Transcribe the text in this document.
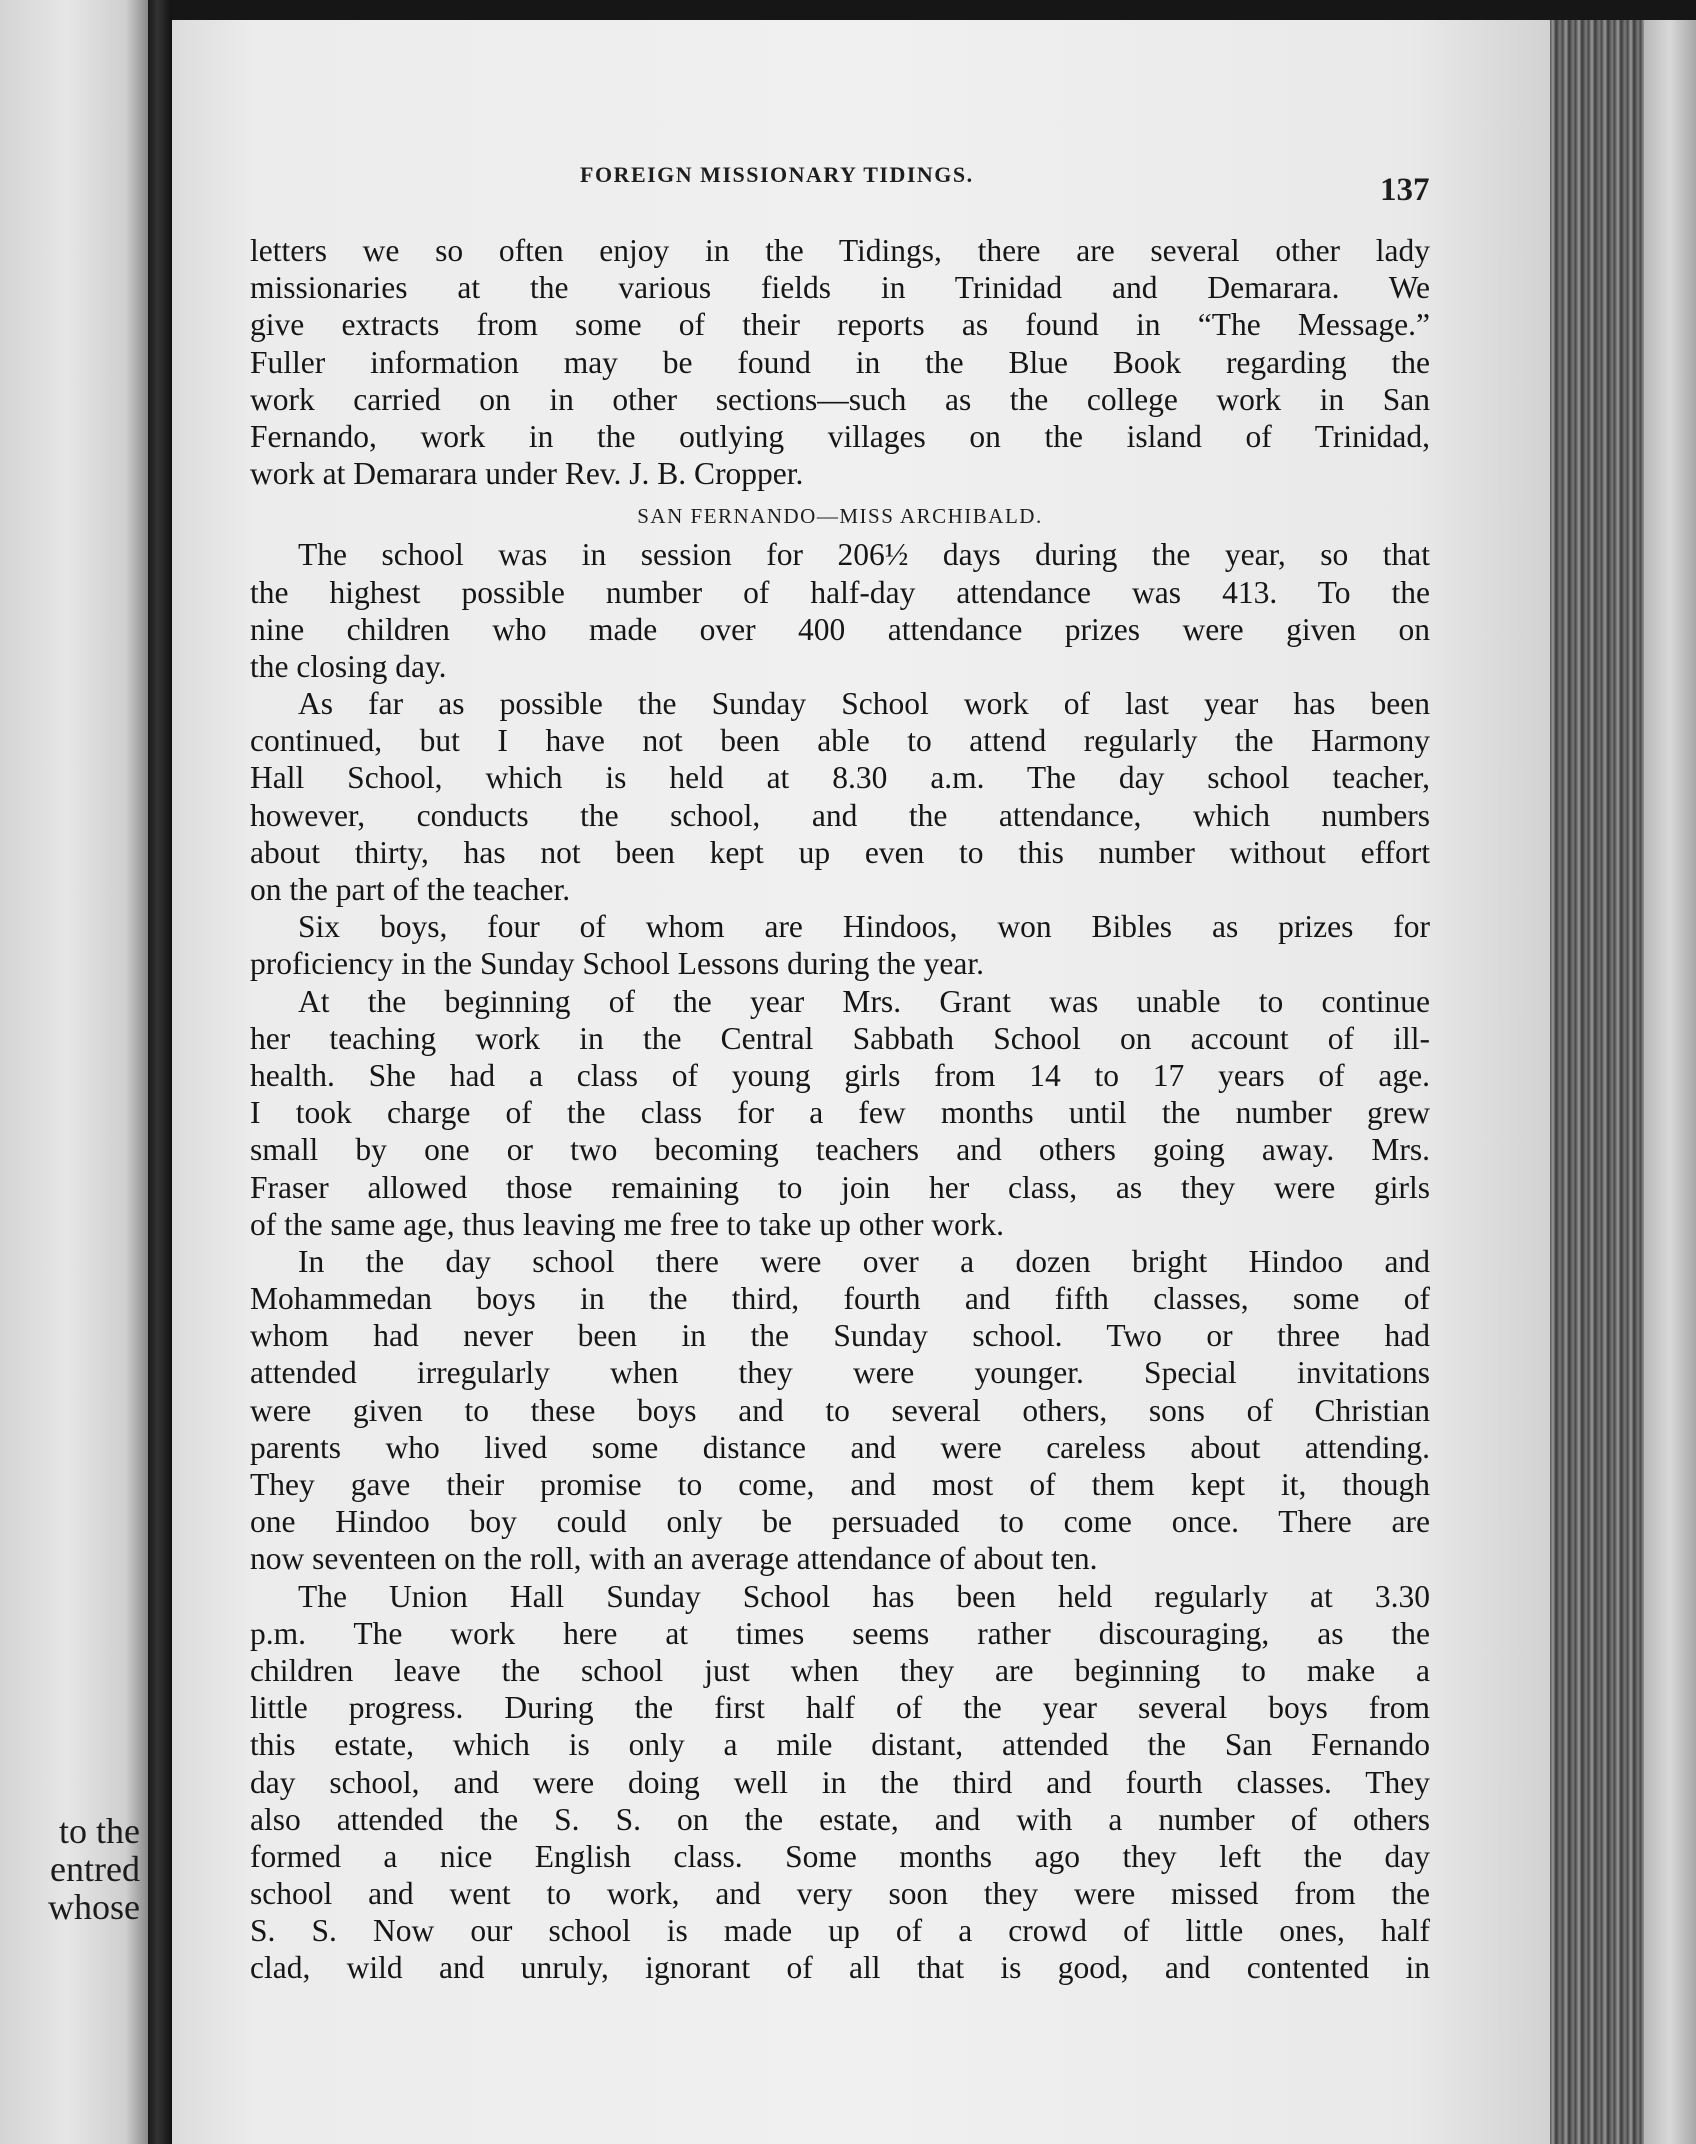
to the
entred
whose
FOREIGN MISSIONARY TIDINGS.	137
letters we so often enjoy in the Tidings, there are several other lady
missionaries at the various fields in Trinidad and Demarara. We
give extracts from some of their reports as found in “The Message.”
Fuller information may be found in the Blue Book regarding the
work carried on in other sections—such as the college work in San
Fernando, work in the outlying villages on the island of Trinidad,
work at Demarara under Rev. J. B. Cropper.
SAN FERNANDO—MISS ARCHIBALD.
The school was in session for 206½ days during the year, so that
the highest possible number of half-day attendance was 413. To the
nine children who made over 400 attendance prizes were given on
the closing day.
As far as possible the Sunday School work of last year has been
continued, but I have not been able to attend regularly the Harmony
Hall School, which is held at 8.30 a.m. The day school teacher,
however, conducts the school, and the attendance, which numbers
about thirty, has not been kept up even to this number without effort
on the part of the teacher.
Six boys, four of whom are Hindoos, won Bibles as prizes for
proficiency in the Sunday School Lessons during the year.
At the beginning of the year Mrs. Grant was unable to continue
her teaching work in the Central Sabbath School on account of ill-
health. She had a class of young girls from 14 to 17 years of age.
I took charge of the class for a few months until the number grew
small by one or two becoming teachers and others going away. Mrs.
Fraser allowed those remaining to join her class, as they were girls
of the same age, thus leaving me free to take up other work.
In the day school there were over a dozen bright Hindoo and
Mohammedan boys in the third, fourth and fifth classes, some of
whom had never been in the Sunday school. Two or three had
attended irregularly when they were younger. Special invitations
were given to these boys and to several others, sons of Christian
parents who lived some distance and were careless about attending.
They gave their promise to come, and most of them kept it, though
one Hindoo boy could only be persuaded to come once. There are
now seventeen on the roll, with an average attendance of about ten.
The Union Hall Sunday School has been held regularly at 3.30
p.m. The work here at times seems rather discouraging, as the
children leave the school just when they are beginning to make a
little progress. During the first half of the year several boys from
this estate, which is only a mile distant, attended the San Fernando
day school, and were doing well in the third and fourth classes. They
also attended the S. S. on the estate, and with a number of others
formed a nice English class. Some months ago they left the day
school and went to work, and very soon they were missed from the
S. S. Now our school is made up of a crowd of little ones, half
clad, wild and unruly, ignorant of all that is good, and contented in
